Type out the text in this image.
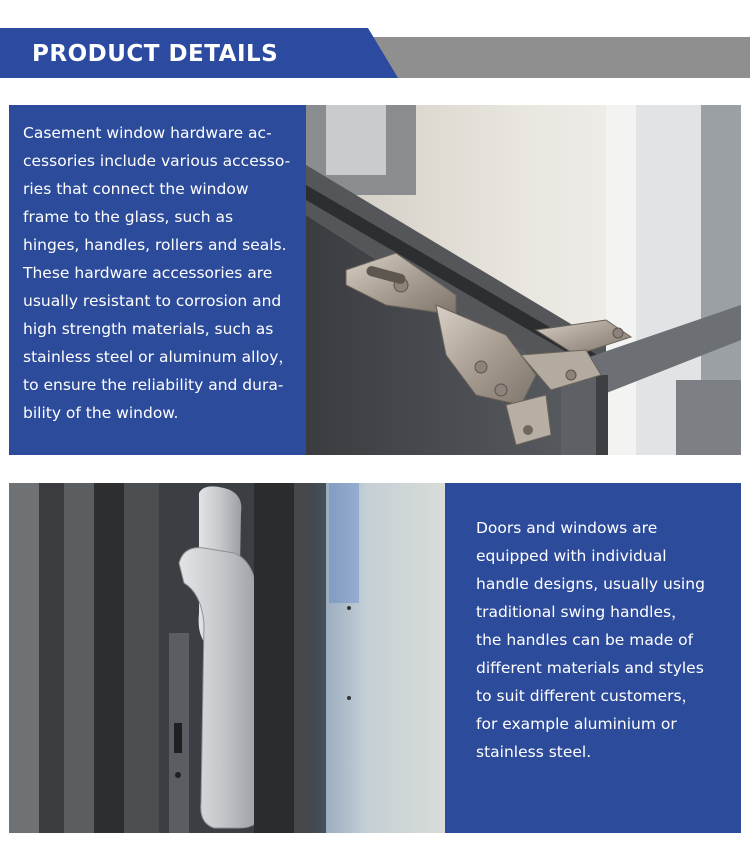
PRODUCT DETAILS

Casement window hardware ac-
cessories include various accesso-
ries that connect the window
frame to the glass, such as
hinges, handles, rollers and seals.
These hardware accessories are
usually resistant to corrosion and
high strength materials, such as
stainless steel or aluminum alloy，
to ensure the reliability and dura-
bility of the window.

Doors and windows are
equipped with individual
handle designs, usually using
traditional swing handles，
the handles can be made of
different materials and styles
to suit different customers，
for example aluminium or
stainless steel.
